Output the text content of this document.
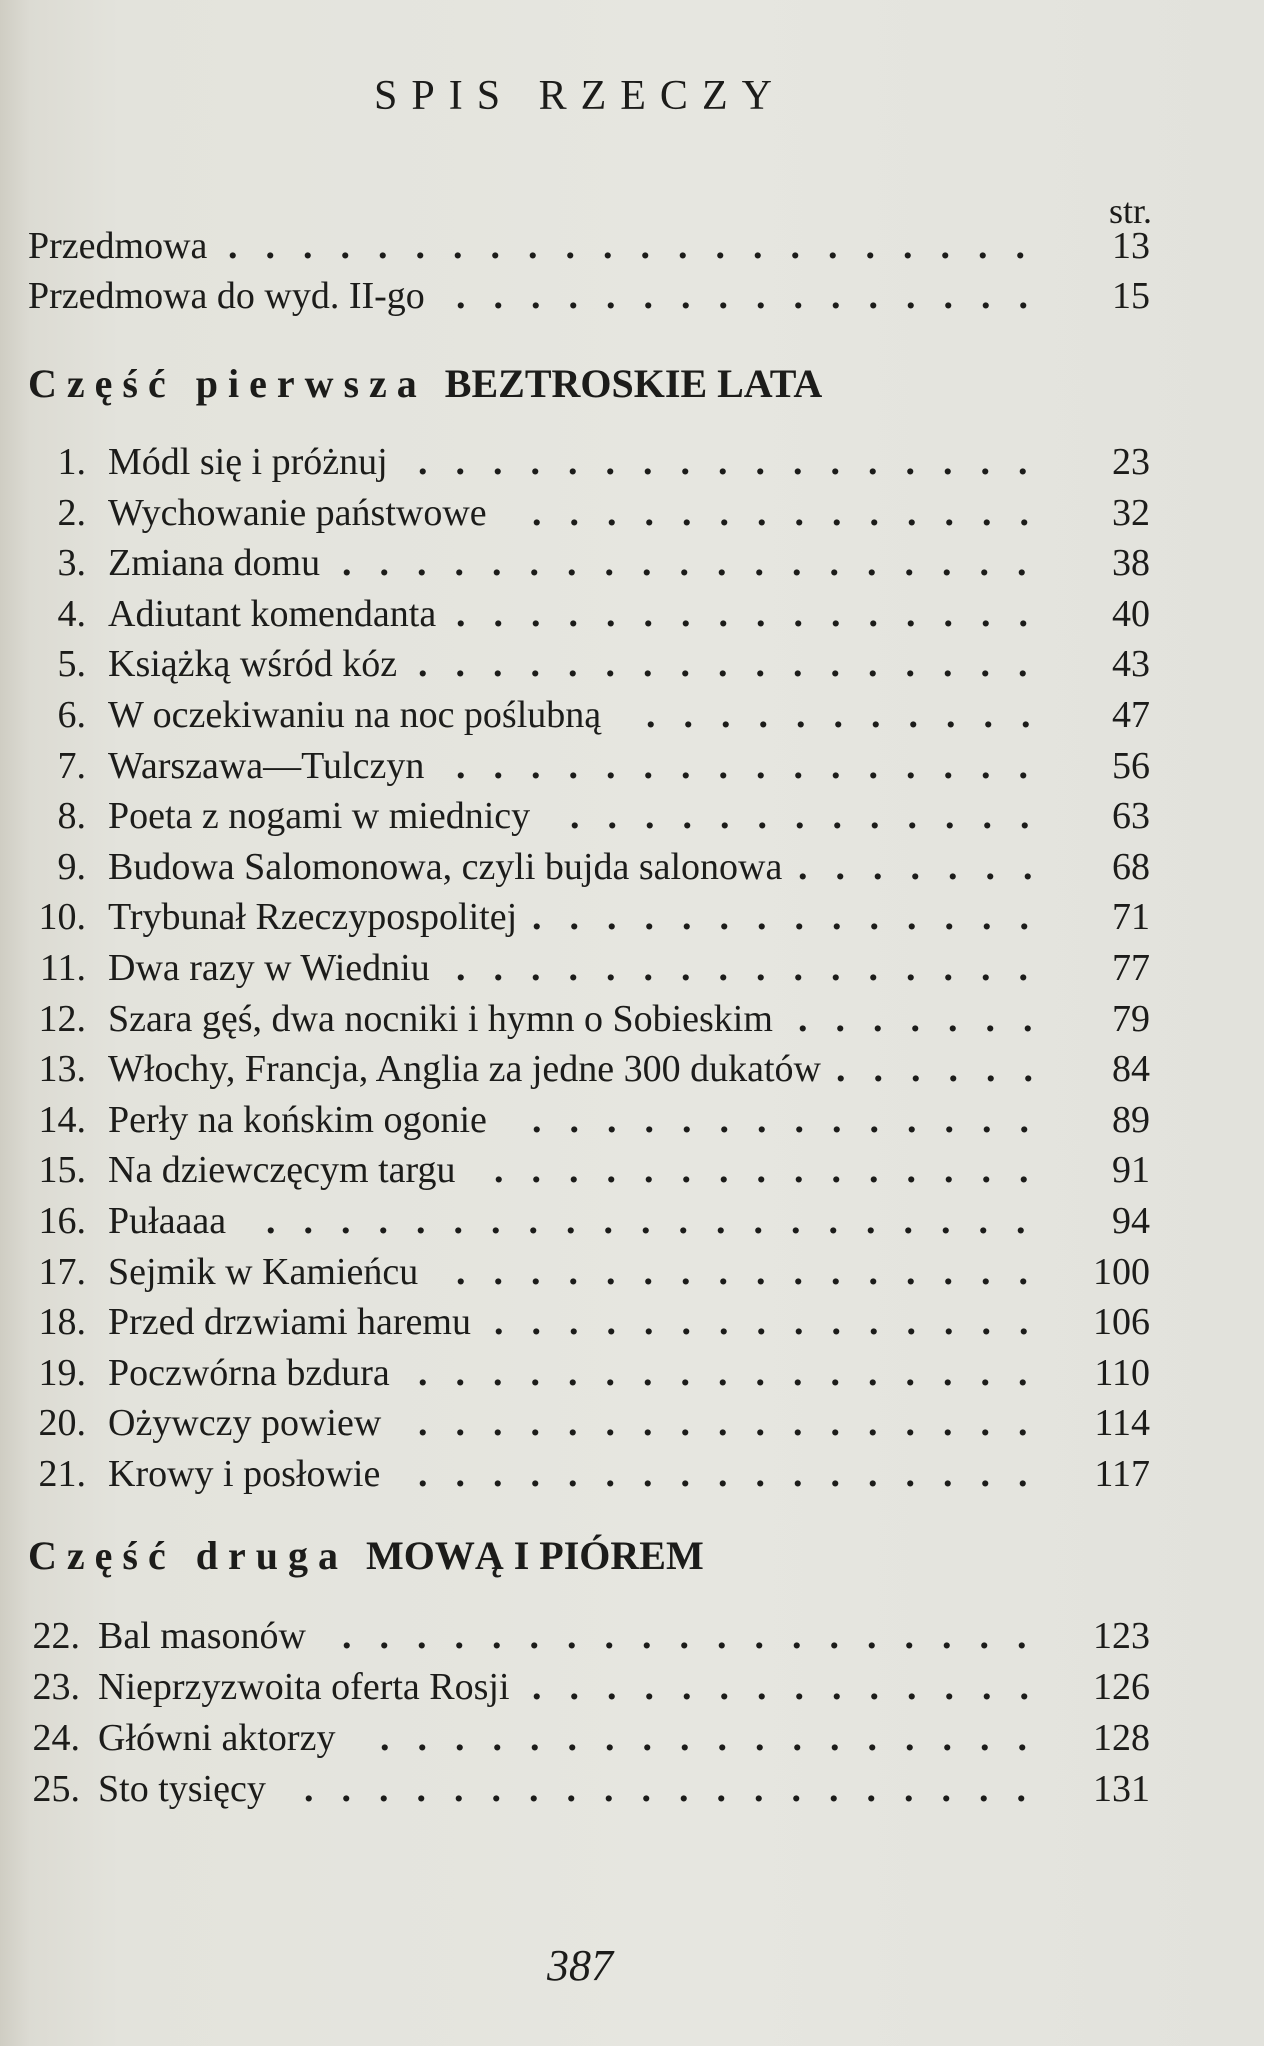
SPIS RZECZY
str.
Przedmowa ......................	13
Przedmowa do wyd. II-go ................	15
Część pierwsza BEZTROSKIE LATA
1. Módl się i próżnuj .................	23
2. Wychowanie państwowe ..............	32
3. Zmiana domu ...................	38
4. Adiutant komendanta ................	40
5. Książką wśród kóz .................	43
6. W oczekiwaniu na noc poślubną ...........	47
7. Warszawa—Tulczyn ................	56
8. Poeta z nogami w miednicy .............	63
9. Budowa Salomonowa, czyli bujda salonowa .......	68
10. Trybunał Rzeczypospolitej ..............	71
11. Dwa razy w Wiedniu ................	77
12. Szara gęś, dwa nocniki i hymn o Sobieskim .......	79
13. Włochy, Francja, Anglia za jedne 300 dukatów ......	84
14. Perły na końskim ogonie ..............	89
15. Na dziewczęcym targu ...............	91
16. Pułaaaa .....................	94
17. Sejmik w Kamieńcu ................ 100
18. Przed drzwiami haremu ............... 106
19. Poczwórna bzdura .................	110
20. Ożywczy powiew .................	114
21. Krowy i posłowie .................	117
Część druga MOWĄ I PIÓREM
22. Bal masonów ...................	123
23. Nieprzyzwoita oferta Rosji .............. 126
24. Główni aktorzy ..................	128
25. Sto tysięcy ....................	131
387
